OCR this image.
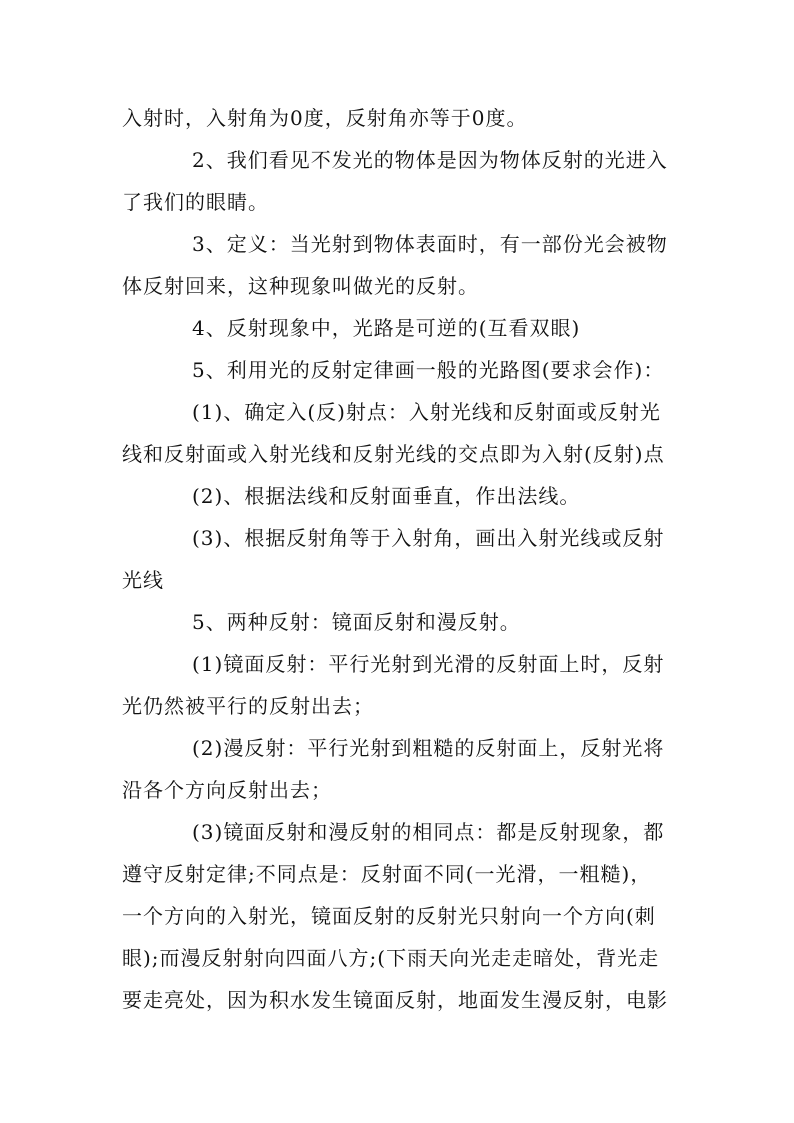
入射时，入射角为0度，反射角亦等于0度。
2、我们看见不发光的物体是因为物体反射的光进入
了我们的眼睛。
3、定义：当光射到物体表面时，有一部份光会被物
体反射回来，这种现象叫做光的反射。
4、反射现象中，光路是可逆的(互看双眼)
5、利用光的反射定律画一般的光路图(要求会作)：
(1)、确定入(反)射点：入射光线和反射面或反射光
线和反射面或入射光线和反射光线的交点即为入射(反射)点
(2)、根据法线和反射面垂直，作出法线。
(3)、根据反射角等于入射角，画出入射光线或反射
光线
5、两种反射：镜面反射和漫反射。
(1)镜面反射：平行光射到光滑的反射面上时，反射
光仍然被平行的反射出去；
(2)漫反射：平行光射到粗糙的反射面上，反射光将
沿各个方向反射出去；
(3)镜面反射和漫反射的相同点：都是反射现象，都
遵守反射定律;不同点是：反射面不同(一光滑，一粗糙)，
一个方向的入射光，镜面反射的反射光只射向一个方向(刺
眼);而漫反射射向四面八方;(下雨天向光走走暗处，背光走
要走亮处，因为积水发生镜面反射，地面发生漫反射，电影
